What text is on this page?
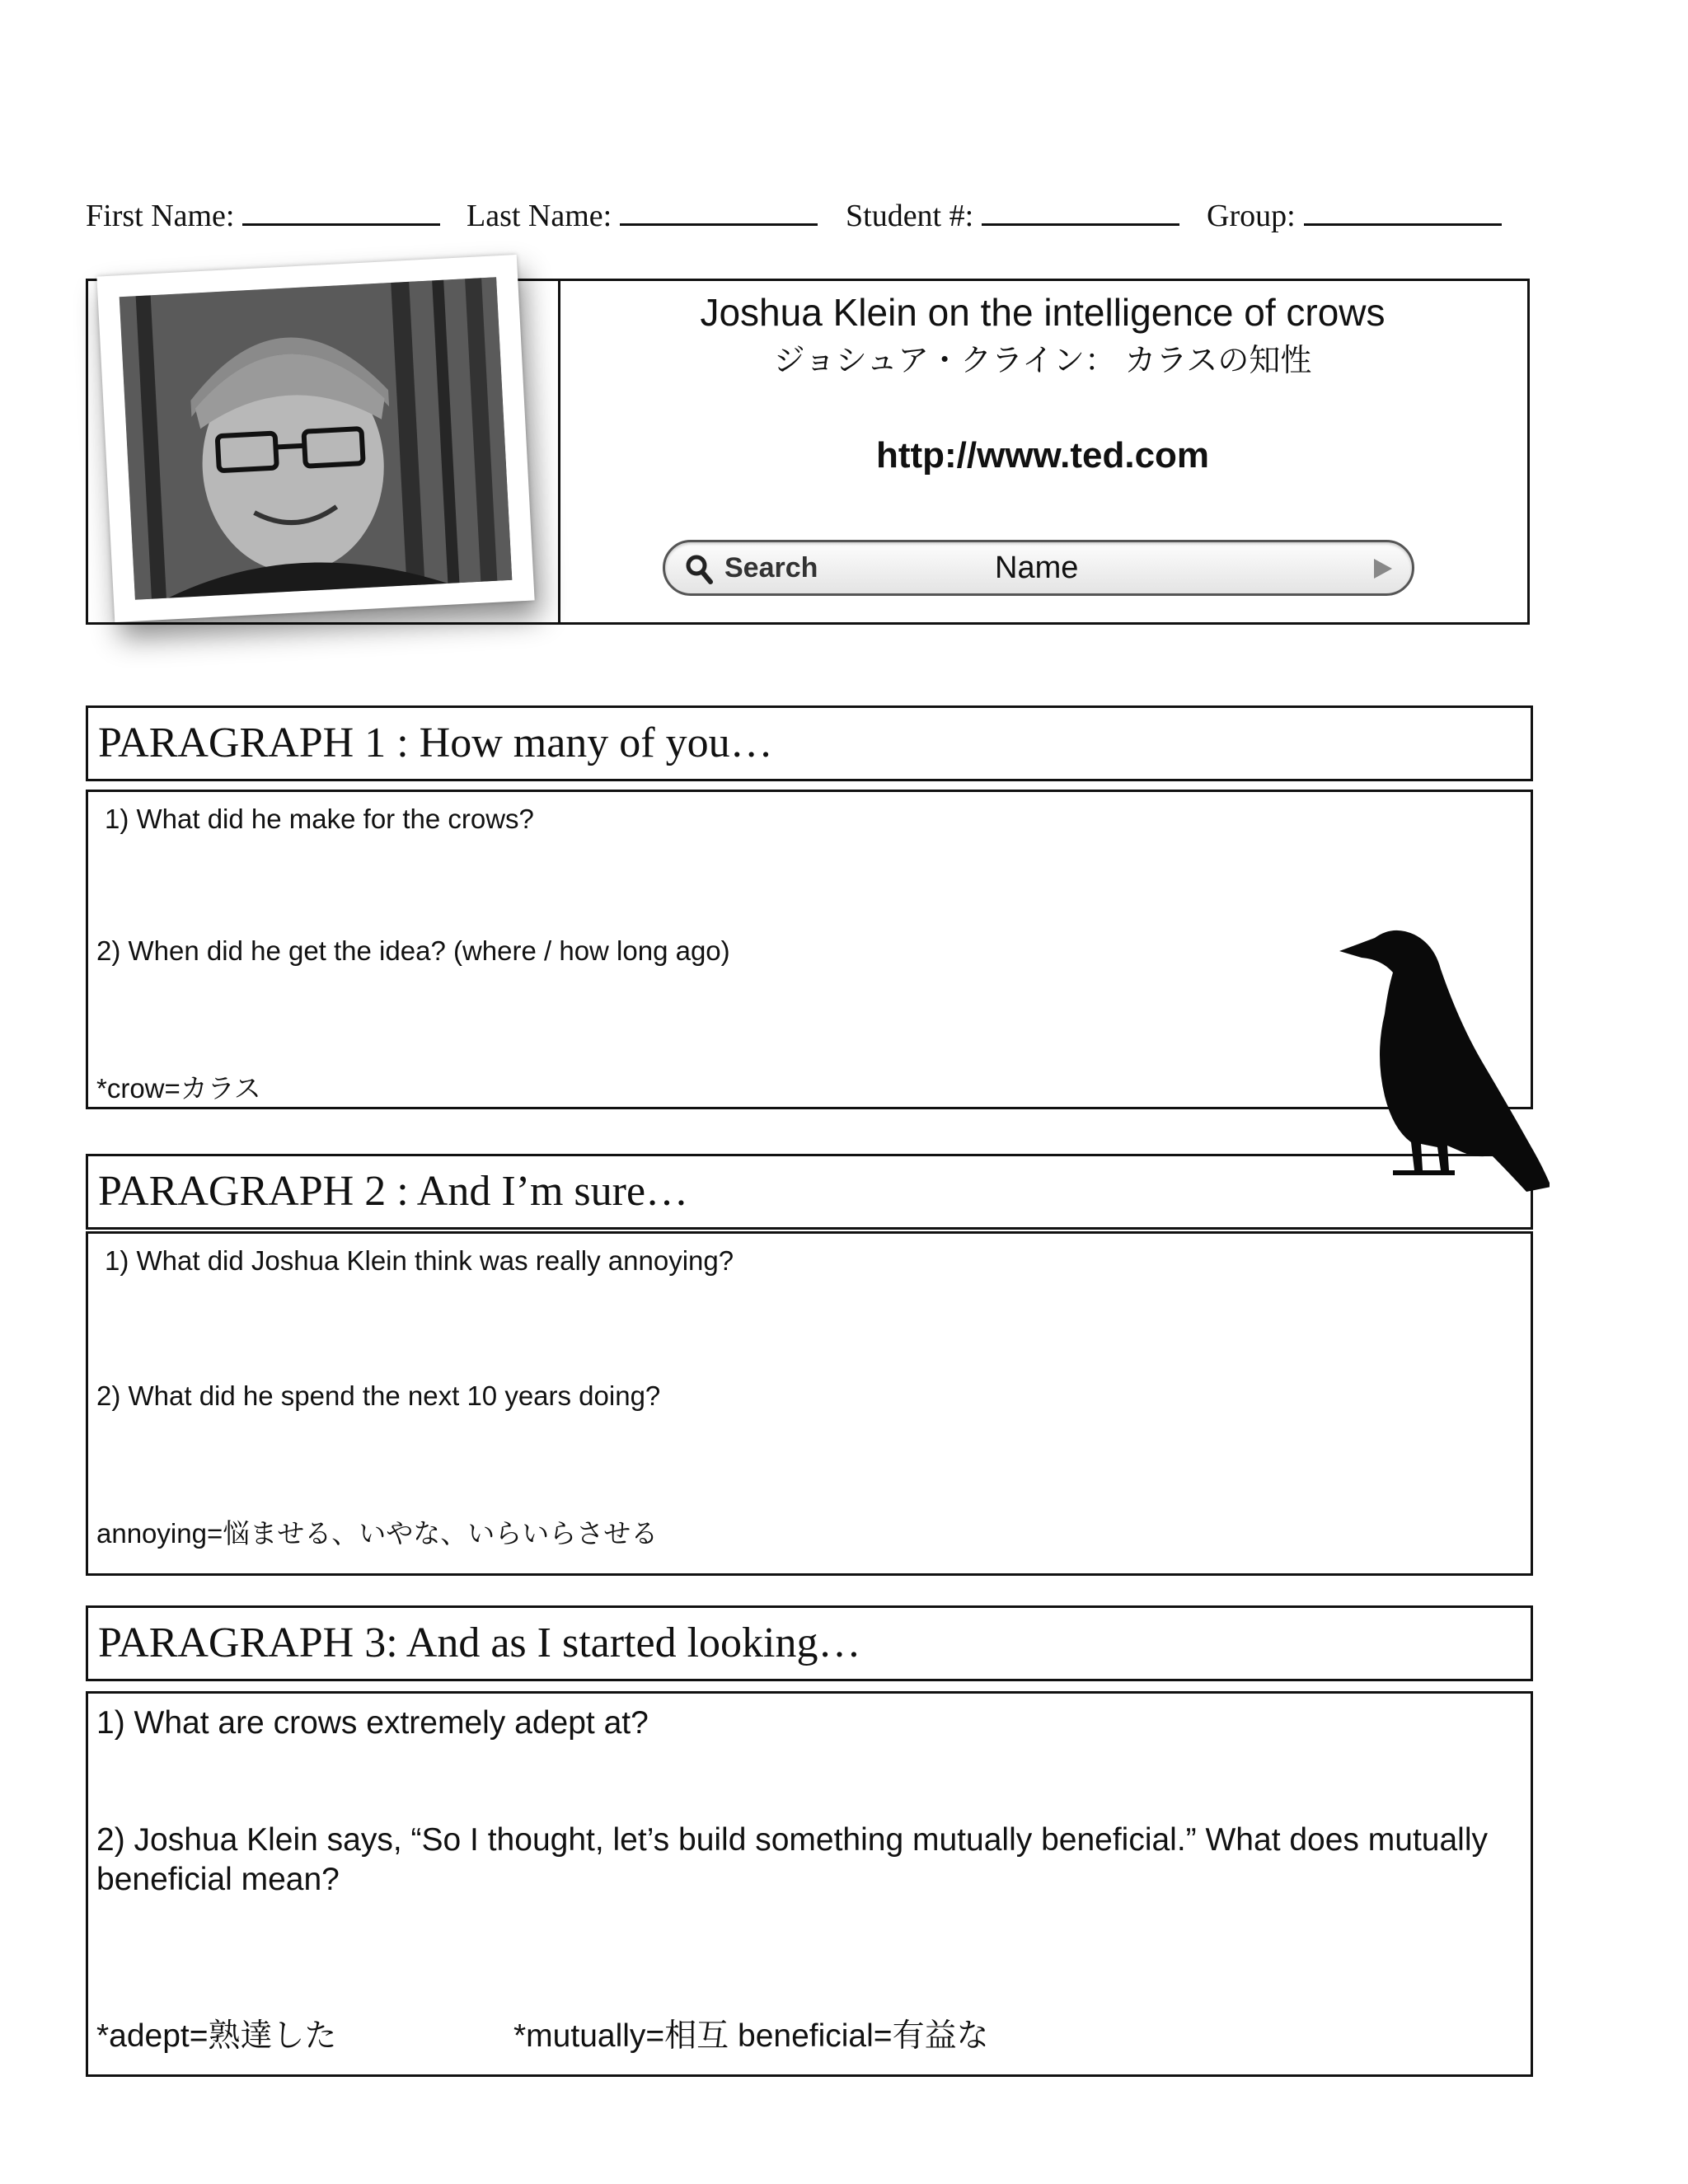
First Name:	Last Name:	Student #:	Group:
Joshua Klein on the intelligence of crows
ジョシュア・クライン： カラスの知性
http://www.ted.com
Search	Name
PARAGRAPH 1 : How many of you…
1) What did he make for the crows?
2) When did he get the idea? (where / how long ago)
*crow=カラス
PARAGRAPH 2 : And I’m sure…
1) What did Joshua Klein think was really annoying?
2) What did he spend the next 10 years doing?
annoying=悩ませる、いやな、いらいらさせる
PARAGRAPH 3: And as I started looking…
1) What are crows extremely adept at?
2) Joshua Klein says, “So I thought, let’s build something mutually beneficial.” What does mutually beneficial mean?
*adept=熟達した	*mutually=相互 beneficial=有益な
